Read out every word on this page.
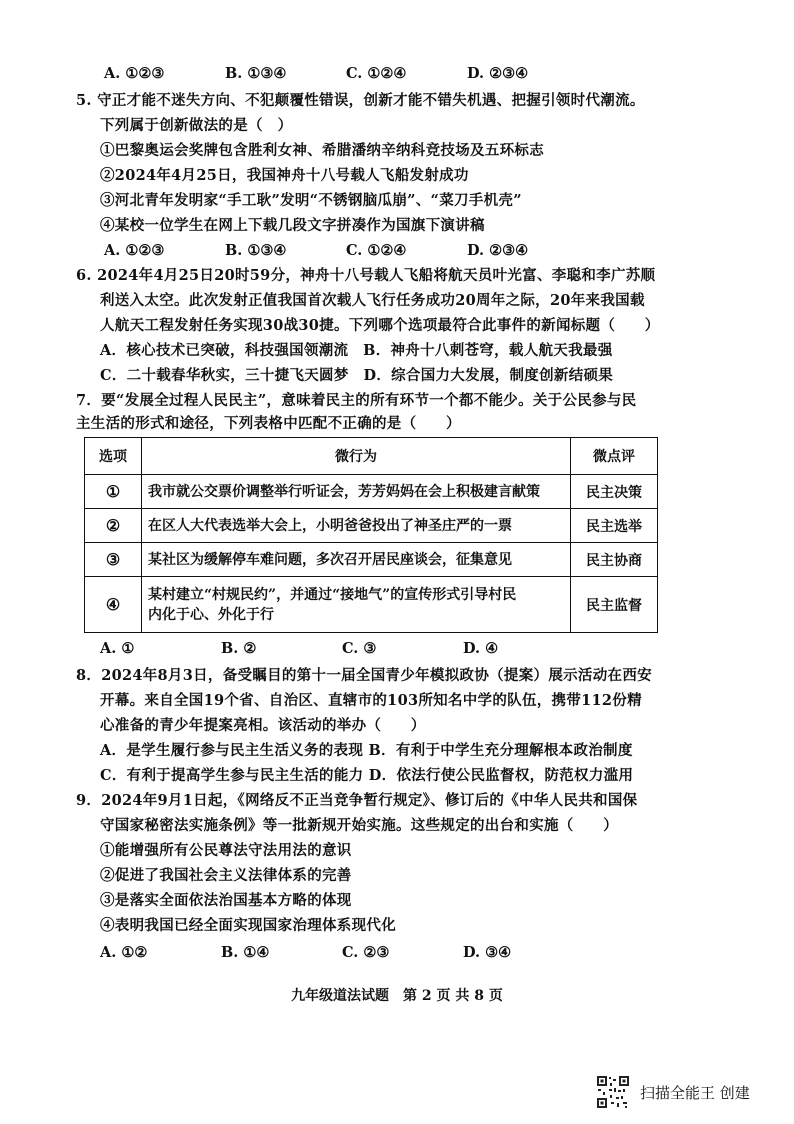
A. ①②③	B. ①③④	C. ①②④	D. ②③④
5. 守正才能不迷失方向、不犯颠覆性错误，创新才能不错失机遇、把握引领时代潮流。
下列属于创新做法的是（　）
①巴黎奥运会奖牌包含胜利女神、希腊潘纳辛纳科竞技场及五环标志
②2024年4月25日，我国神舟十八号载人飞船发射成功
③河北青年发明家“手工耿”发明“不锈钢脑瓜崩”、“菜刀手机壳”
④某校一位学生在网上下载几段文字拼凑作为国旗下演讲稿
A. ①②③	B. ①③④	C. ①②④	D. ②③④
6. 2024年4月25日20时59分，神舟十八号载人飞船将航天员叶光富、李聪和李广苏顺
利送入太空。此次发射正值我国首次载人飞行任务成功20周年之际，20年来我国载
人航天工程发射任务实现30战30捷。下列哪个选项最符合此事件的新闻标题（　　）
A．核心技术已突破，科技强国领潮流　B．神舟十八刺苍穹，载人航天我最强
C．二十载春华秋实，三十捷飞天圆梦　D．综合国力大发展，制度创新结硕果
7．要“发展全过程人民民主”，意味着民主的所有环节一个都不能少。关于公民参与民
主生活的形式和途径，下列表格中匹配不正确的是（　　）
选项	微行为	微点评
①	我市就公交票价调整举行听证会，芳芳妈妈在会上积极建言献策	民主决策
②	在区人大代表选举大会上，小明爸爸投出了神圣庄严的一票	民主选举
③	某社区为缓解停车难问题，多次召开居民座谈会，征集意见	民主协商
④	某村建立“村规民约”，并通过“接地气”的宣传形式引导村民
内化于心、外化于行	民主监督
A. ①	B. ②	C. ③	D. ④
8．2024年8月3日，备受瞩目的第十一届全国青少年模拟政协（提案）展示活动在西安
开幕。来自全国19个省、自治区、直辖市的103所知名中学的队伍，携带112份精
心准备的青少年提案亮相。该活动的举办（　　）
A．是学生履行参与民主生活义务的表现 B．有利于中学生充分理解根本政治制度
C．有利于提高学生参与民主生活的能力 D．依法行使公民监督权，防范权力滥用
9．2024年9月1日起，《网络反不正当竞争暂行规定》、修订后的《中华人民共和国保
守国家秘密法实施条例》等一批新规开始实施。这些规定的出台和实施（　　）
①能增强所有公民尊法守法用法的意识
②促进了我国社会主义法律体系的完善
③是落实全面依法治国基本方略的体现
④表明我国已经全面实现国家治理体系现代化
A. ①②	B. ①④	C. ②③	D. ③④
九年级道法试题　第 2 页 共 8 页
扫描全能王 创建
